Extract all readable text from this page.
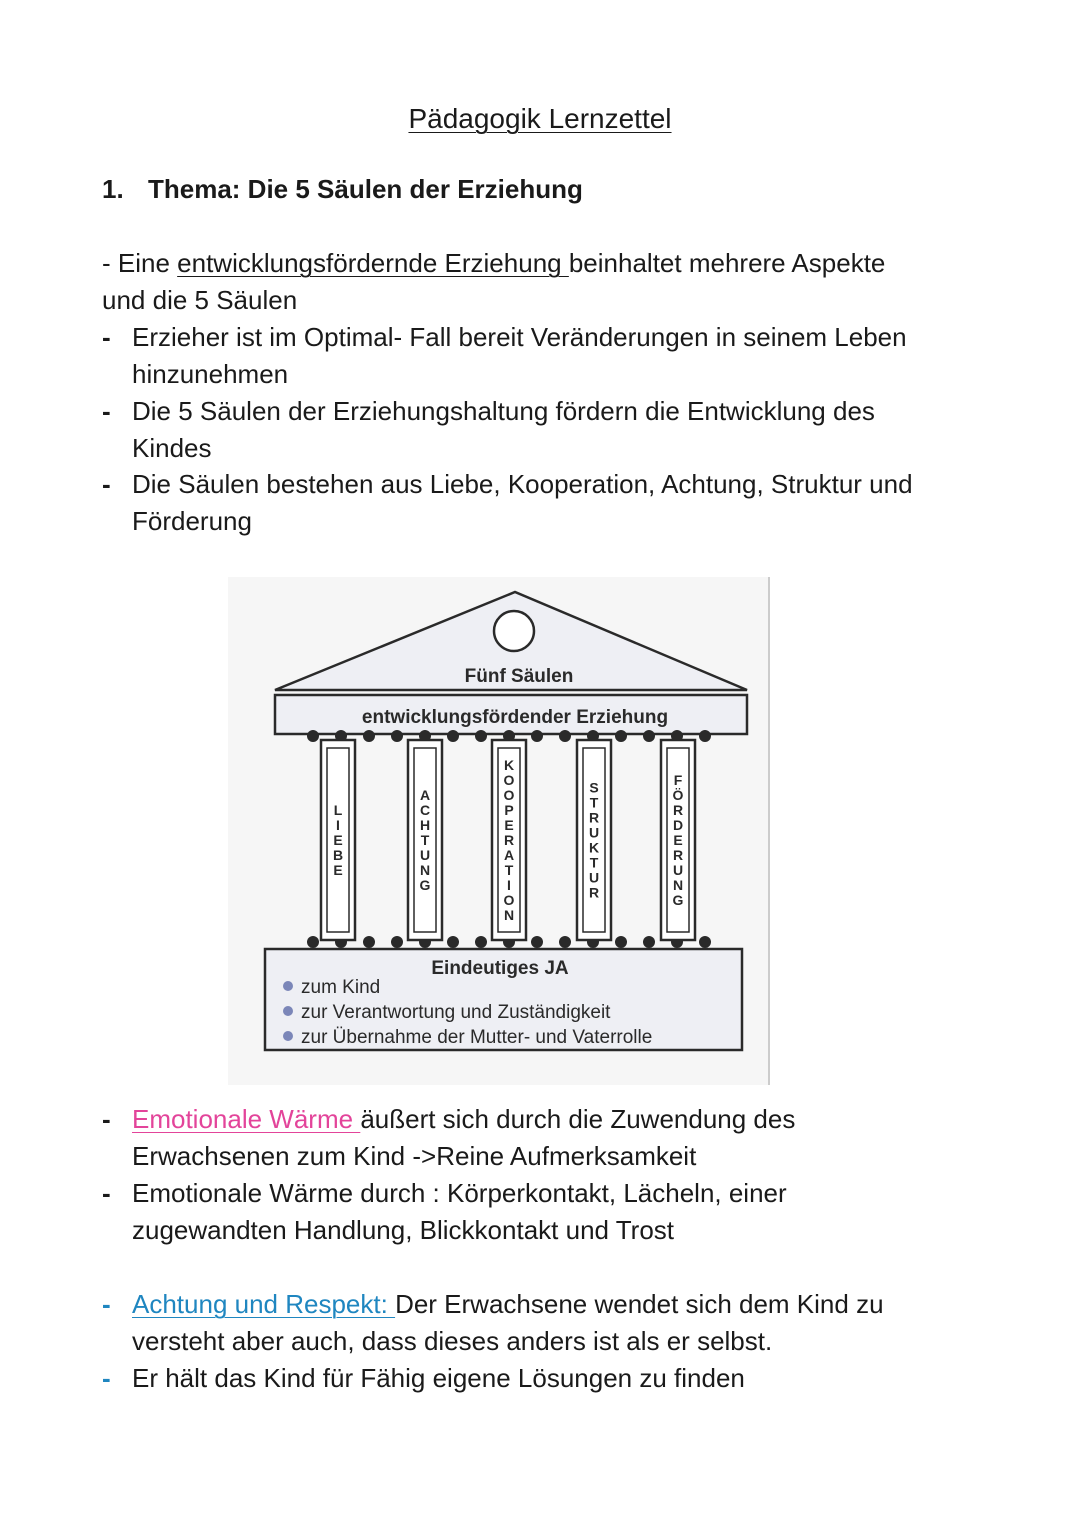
Pädagogik Lernzettel
1. Thema: Die 5 Säulen der Erziehung
- Eine entwicklungsfördernde Erziehung beinhaltet mehrere Aspekte
und die 5 Säulen
- Erzieher ist im Optimal- Fall bereit Veränderungen in seinem Leben
hinzunehmen
- Die 5 Säulen der Erziehungshaltung fördern die Entwicklung des
Kindes
- Die Säulen bestehen aus Liebe, Kooperation, Achtung, Struktur und
Förderung
Fünf Säulen
entwicklungsfördender Erziehung
L I E B E
A C H T U N G
K O O P E R A T I O N
S T R U K T U R
F Ö R D E R U N G
Eindeutiges JA
zum Kind
zur Verantwortung und Zuständigkeit
zur Übernahme der Mutter- und Vaterrolle
- Emotionale Wärme äußert sich durch die Zuwendung des
Erwachsenen zum Kind ->Reine Aufmerksamkeit
- Emotionale Wärme durch : Körperkontakt, Lächeln, einer
zugewandten Handlung, Blickkontakt und Trost
- Achtung und Respekt: Der Erwachsene wendet sich dem Kind zu
versteht aber auch, dass dieses anders ist als er selbst.
- Er hält das Kind für Fähig eigene Lösungen zu finden
